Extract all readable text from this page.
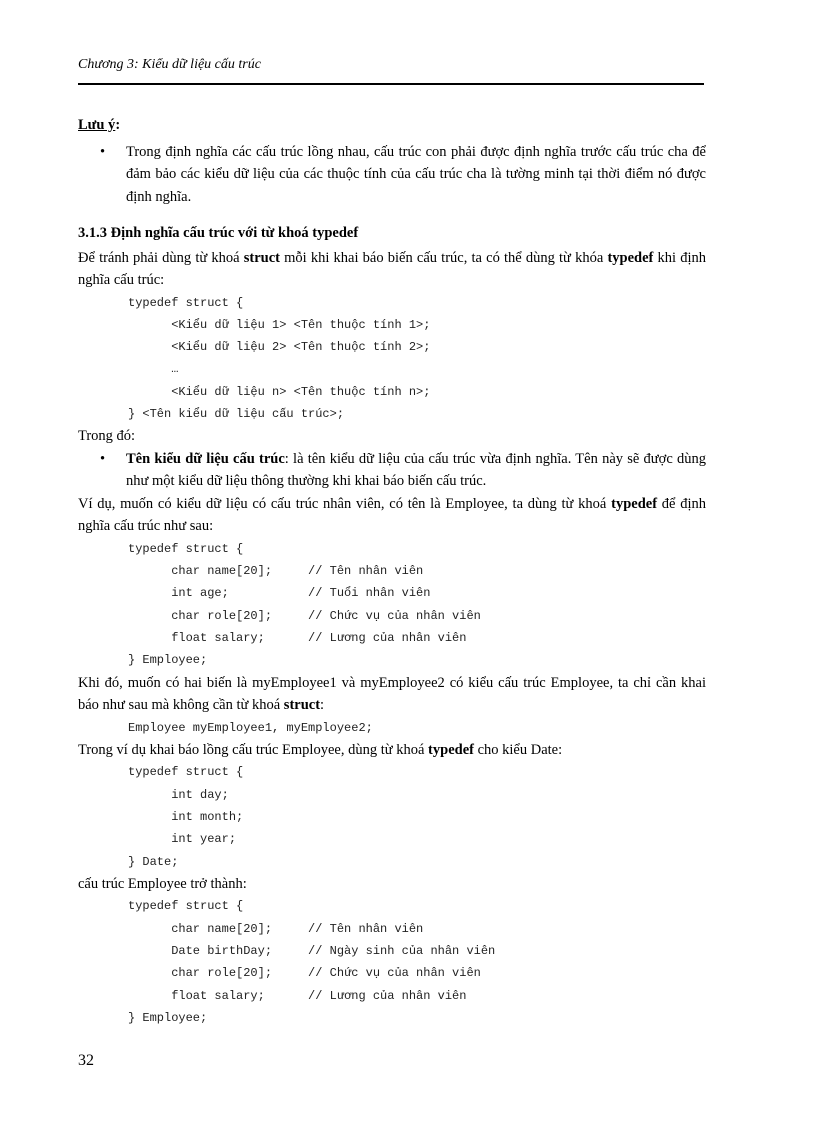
Chương 3: Kiểu dữ liệu cấu trúc

Lưu ý:

• Trong định nghĩa các cấu trúc lồng nhau, cấu trúc con phải được định nghĩa trước cấu trúc cha để đảm bảo các kiểu dữ liệu của các thuộc tính của cấu trúc cha là tường minh tại thời điểm nó được định nghĩa.

3.1.3 Định nghĩa cấu trúc với từ khoá typedef

Để tránh phải dùng từ khoá struct mỗi khi khai báo biến cấu trúc, ta có thể dùng từ khóa typedef khi định nghĩa cấu trúc:

typedef struct {
<Kiểu dữ liệu 1> <Tên thuộc tính 1>;
<Kiểu dữ liệu 2> <Tên thuộc tính 2>;
…
<Kiểu dữ liệu n> <Tên thuộc tính n>;
} <Tên kiểu dữ liệu cấu trúc>;

Trong đó:

• Tên kiểu dữ liệu cấu trúc: là tên kiểu dữ liệu của cấu trúc vừa định nghĩa. Tên này sẽ được dùng như một kiểu dữ liệu thông thường khi khai báo biến cấu trúc.

Ví dụ, muốn có kiểu dữ liệu có cấu trúc nhân viên, có tên là Employee, ta dùng từ khoá typedef để định nghĩa cấu trúc như sau:

typedef struct {
char name[20];     // Tên nhân viên
int age;           // Tuổi nhân viên
char role[20];     // Chức vụ của nhân viên
float salary;      // Lương của nhân viên
} Employee;

Khi đó, muốn có hai biến là myEmployee1 và myEmployee2 có kiểu cấu trúc Employee, ta chỉ cần khai báo như sau mà không cần từ khoá struct:

Employee myEmployee1, myEmployee2;

Trong ví dụ khai báo lồng cấu trúc Employee, dùng từ khoá typedef cho kiểu Date:

typedef struct {
int day;
int month;
int year;
} Date;

cấu trúc Employee trở thành:

typedef struct {
char name[20];     // Tên nhân viên
Date birthDay;     // Ngày sinh của nhân viên
char role[20];     // Chức vụ của nhân viên
float salary;      // Lương của nhân viên
} Employee;
32
